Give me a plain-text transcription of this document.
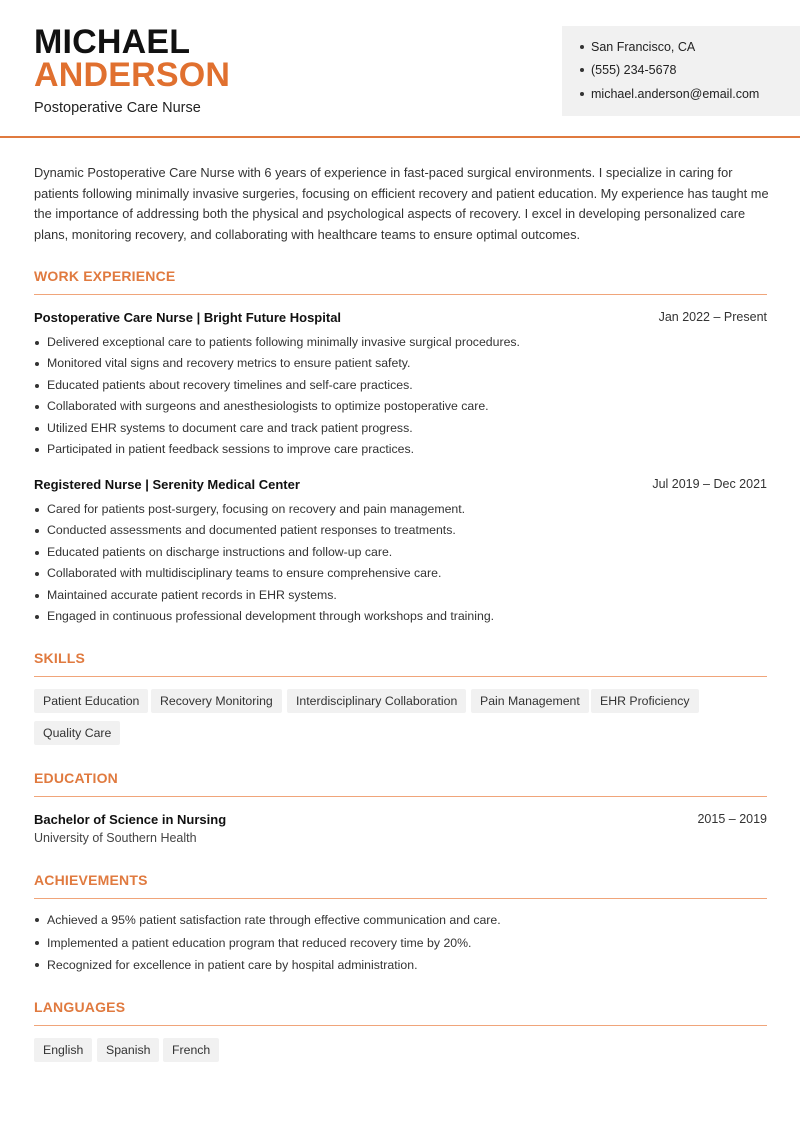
MICHAEL
ANDERSON
Postoperative Care Nurse
San Francisco, CA
(555) 234-5678
michael.anderson@email.com
Dynamic Postoperative Care Nurse with 6 years of experience in fast-paced surgical environments. I specialize in caring for patients following minimally invasive surgeries, focusing on efficient recovery and patient education. My experience has taught me the importance of addressing both the physical and psychological aspects of recovery. I excel in developing personalized care plans, monitoring recovery, and collaborating with healthcare teams to ensure optimal outcomes.
WORK EXPERIENCE
Postoperative Care Nurse | Bright Future Hospital	Jan 2022 – Present
Delivered exceptional care to patients following minimally invasive surgical procedures.
Monitored vital signs and recovery metrics to ensure patient safety.
Educated patients about recovery timelines and self-care practices.
Collaborated with surgeons and anesthesiologists to optimize postoperative care.
Utilized EHR systems to document care and track patient progress.
Participated in patient feedback sessions to improve care practices.
Registered Nurse | Serenity Medical Center	Jul 2019 – Dec 2021
Cared for patients post-surgery, focusing on recovery and pain management.
Conducted assessments and documented patient responses to treatments.
Educated patients on discharge instructions and follow-up care.
Collaborated with multidisciplinary teams to ensure comprehensive care.
Maintained accurate patient records in EHR systems.
Engaged in continuous professional development through workshops and training.
SKILLS
Patient Education	Recovery Monitoring	Interdisciplinary Collaboration	Pain Management	EHR Proficiency
Quality Care
EDUCATION
Bachelor of Science in Nursing	2015 – 2019
University of Southern Health
ACHIEVEMENTS
Achieved a 95% patient satisfaction rate through effective communication and care.
Implemented a patient education program that reduced recovery time by 20%.
Recognized for excellence in patient care by hospital administration.
LANGUAGES
English	Spanish	French
